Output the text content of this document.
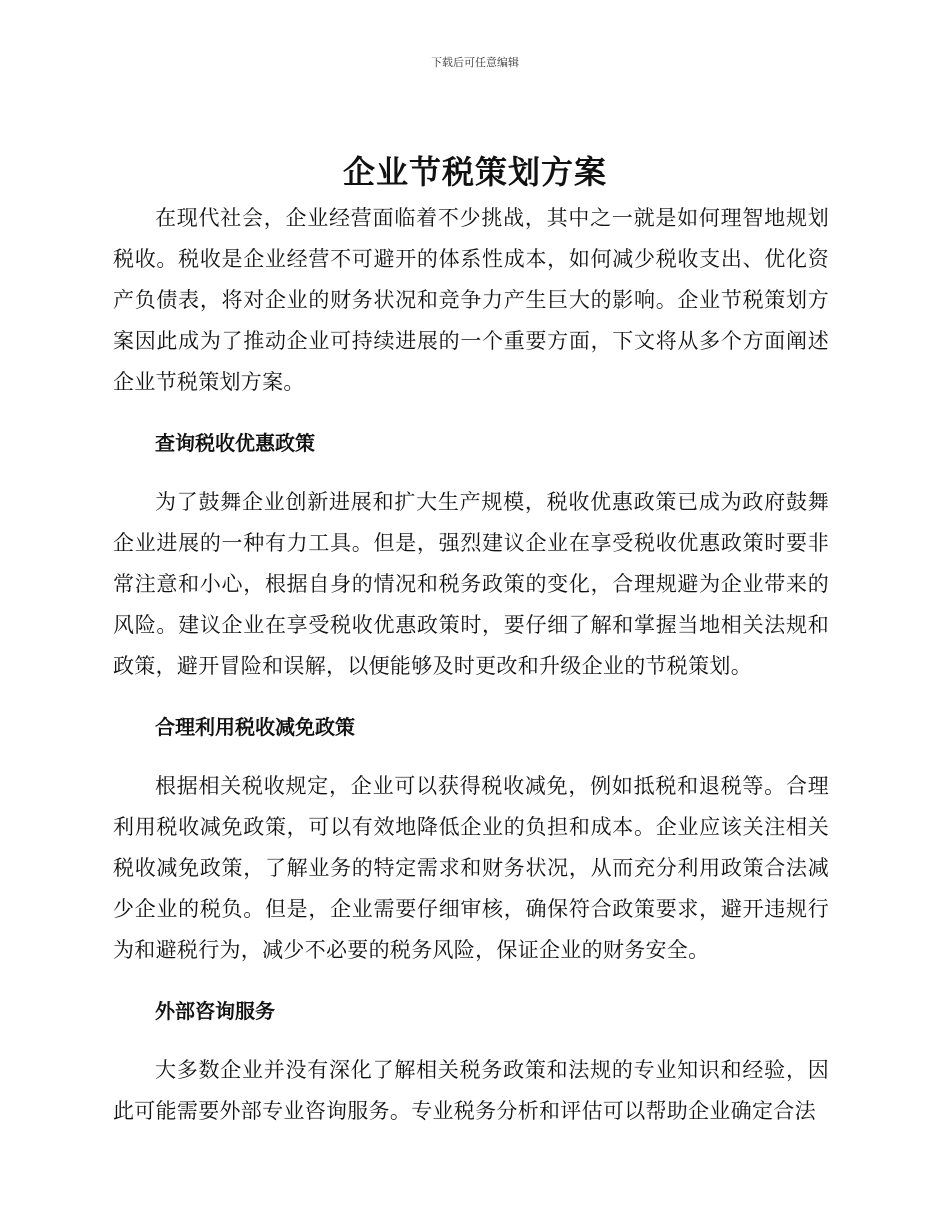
下载后可任意编辑
企业节税策划方案

在现代社会，企业经营面临着不少挑战，其中之一就是如何理智地规划税收。税收是企业经营不可避开的体系性成本，如何减少税收支出、优化资产负债表，将对企业的财务状况和竞争力产生巨大的影响。企业节税策划方案因此成为了推动企业可持续进展的一个重要方面，下文将从多个方面阐述企业节税策划方案。

查询税收优惠政策

为了鼓舞企业创新进展和扩大生产规模，税收优惠政策已成为政府鼓舞企业进展的一种有力工具。但是，强烈建议企业在享受税收优惠政策时要非常注意和小心，根据自身的情况和税务政策的变化，合理规避为企业带来的风险。建议企业在享受税收优惠政策时，要仔细了解和掌握当地相关法规和政策，避开冒险和误解，以便能够及时更改和升级企业的节税策划。

合理利用税收减免政策

根据相关税收规定，企业可以获得税收减免，例如抵税和退税等。合理利用税收减免政策，可以有效地降低企业的负担和成本。企业应该关注相关税收减免政策，了解业务的特定需求和财务状况，从而充分利用政策合法减少企业的税负。但是，企业需要仔细审核，确保符合政策要求，避开违规行为和避税行为，减少不必要的税务风险，保证企业的财务安全。

外部咨询服务

大多数企业并没有深化了解相关税务政策和法规的专业知识和经验，因此可能需要外部专业咨询服务。专业税务分析和评估可以帮助企业确定合法
